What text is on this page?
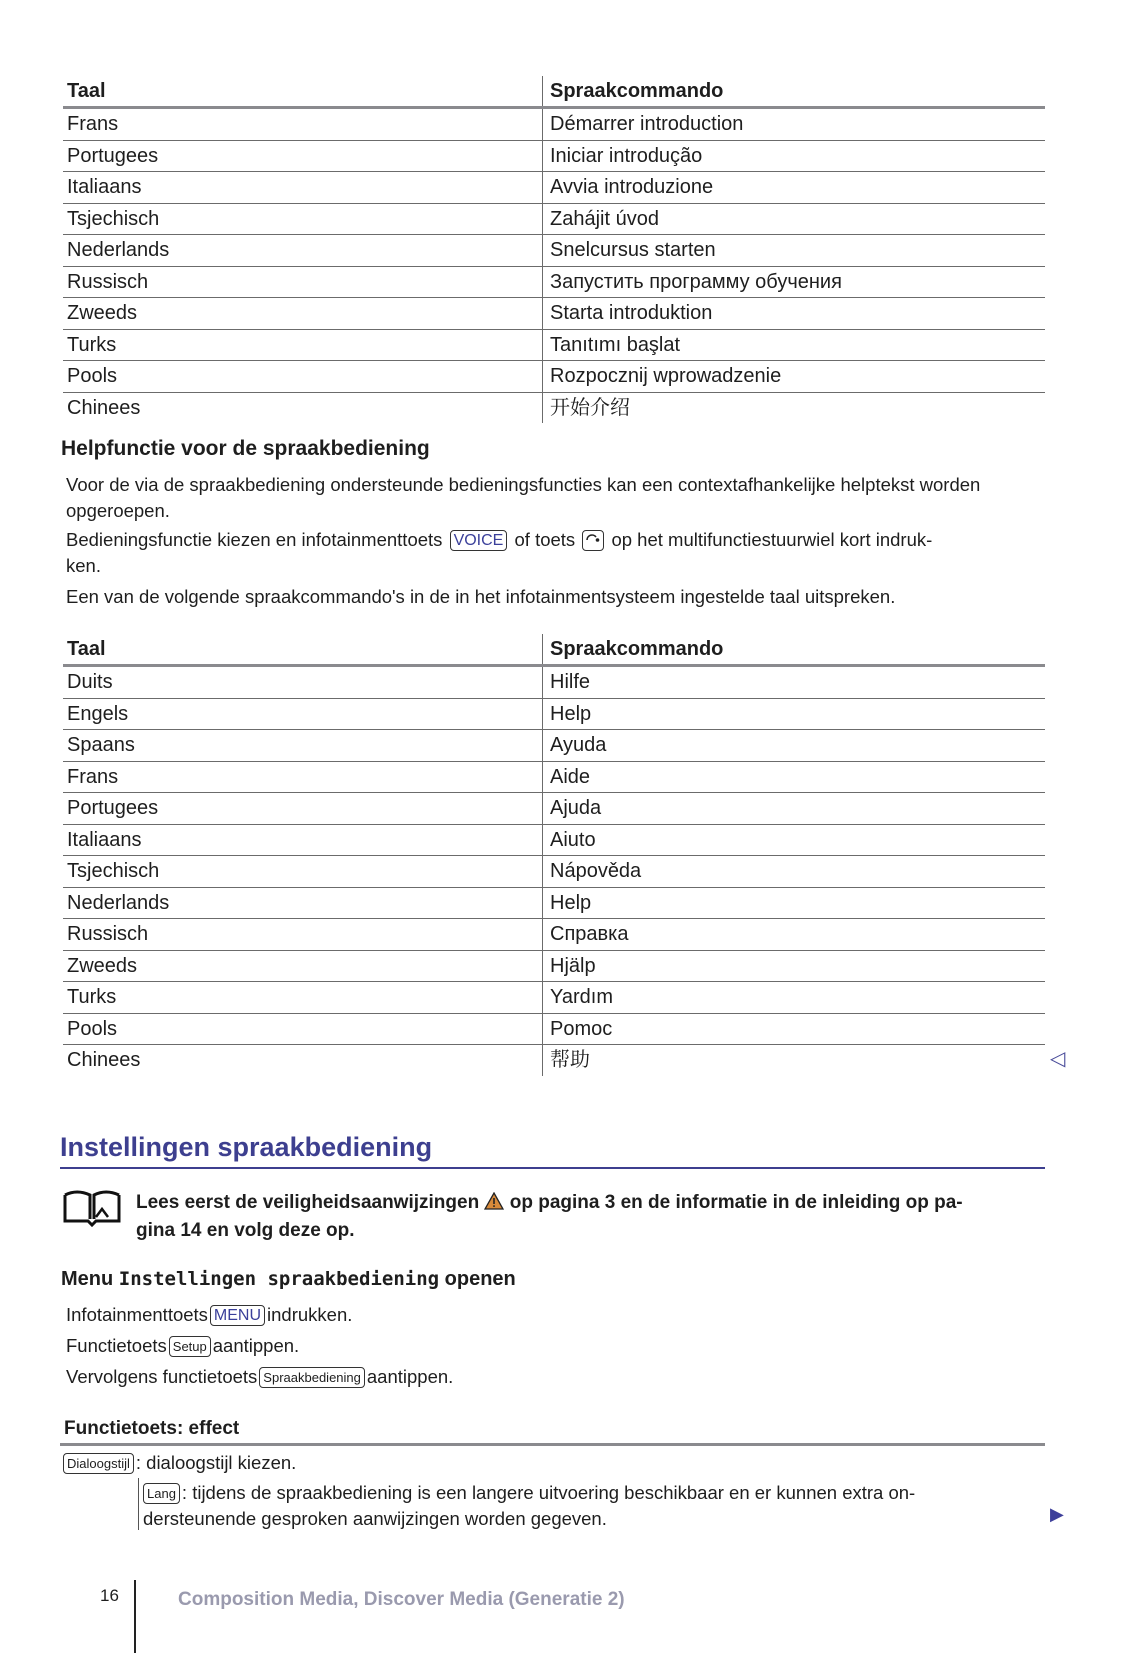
Taal	Spraakcommando
Frans	Démarrer introduction
Portugees	Iniciar introdução
Italiaans	Avvia introduzione
Tsjechisch	Zahájit úvod
Nederlands	Snelcursus starten
Russisch	Запустить программу обучения
Zweeds	Starta introduktion
Turks	Tanıtımı başlat
Pools	Rozpocznij wprowadzenie
Chinees	开始介绍
Helpfunctie voor de spraakbediening
Voor de via de spraakbediening ondersteunde bedieningsfuncties kan een contextafhankelijke helptekst worden opgeroepen.
Bedieningsfunctie kiezen en infotainmenttoets VOICE of toets op het multifunctiestuurwiel kort indruk-
ken.
Een van de volgende spraakcommando's in de in het infotainmentsysteem ingestelde taal uitspreken.
Taal	Spraakcommando
Duits	Hilfe
Engels	Help
Spaans	Ayuda
Frans	Aide
Portugees	Ajuda
Italiaans	Aiuto
Tsjechisch	Nápověda
Nederlands	Help
Russisch	Справка
Zweeds	Hjälp
Turks	Yardım
Pools	Pomoc
Chinees	帮助	◁
Instellingen spraakbediening
Lees eerst de veiligheidsaanwijzingen op pagina 3 en de informatie in de inleiding op pa-
gina 14 en volg deze op.
Menu Instellingen spraakbediening openen
Infotainmenttoets MENU indrukken.
Functietoets Setup aantippen.
Vervolgens functietoets Spraakbediening aantippen.
Functietoets: effect
Dialoogstijl : dialoogstijl kiezen.
Lang : tijdens de spraakbediening is een langere uitvoering beschikbaar en er kunnen extra on-
dersteunende gesproken aanwijzingen worden gegeven.	▶
16	Composition Media, Discover Media (Generatie 2)
